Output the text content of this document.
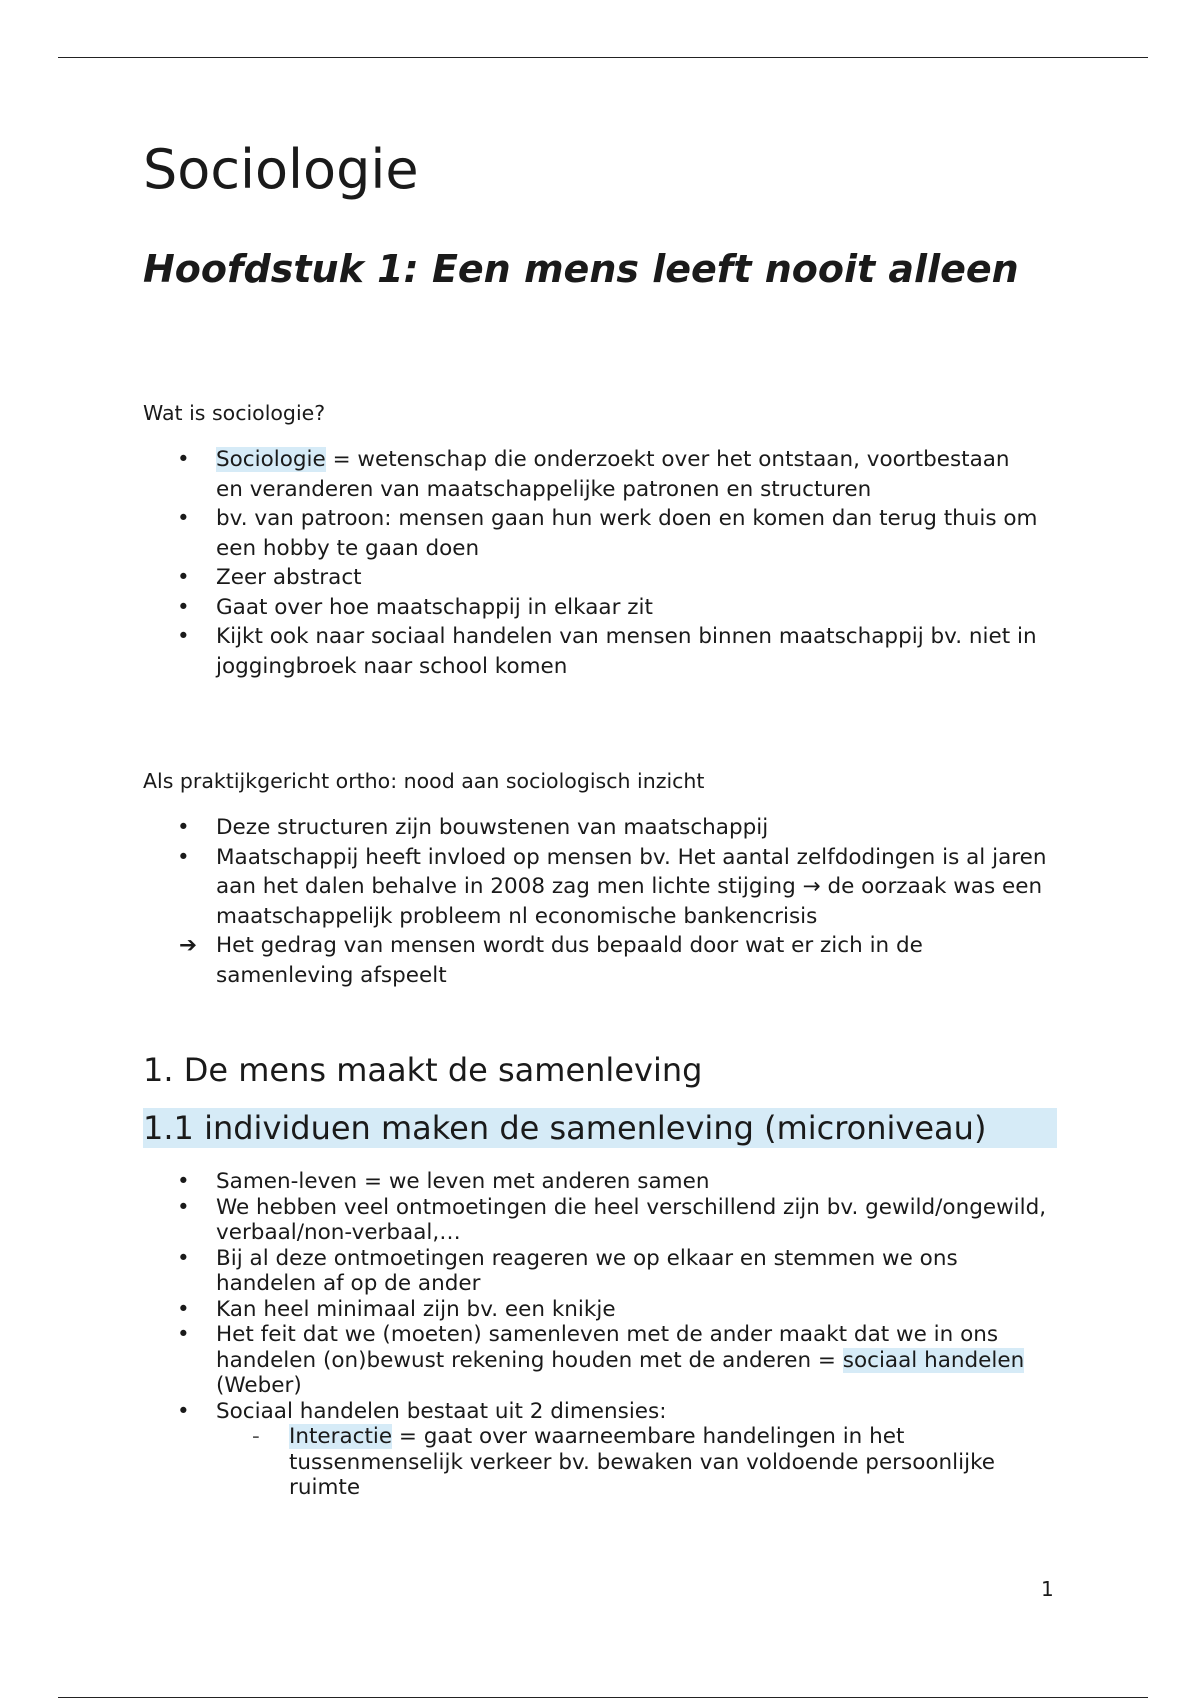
Sociologie
Hoofdstuk 1: Een mens leeft nooit alleen

Wat is sociologie?

• Sociologie = wetenschap die onderzoekt over het ontstaan, voortbestaan en veranderen van maatschappelijke patronen en structuren
• bv. van patroon: mensen gaan hun werk doen en komen dan terug thuis om een hobby te gaan doen
• Zeer abstract
• Gaat over hoe maatschappij in elkaar zit
• Kijkt ook naar sociaal handelen van mensen binnen maatschappij bv. niet in joggingbroek naar school komen

Als praktijkgericht ortho: nood aan sociologisch inzicht

• Deze structuren zijn bouwstenen van maatschappij
• Maatschappij heeft invloed op mensen bv. Het aantal zelfdodingen is al jaren aan het dalen behalve in 2008 zag men lichte stijging → de oorzaak was een maatschappelijk probleem nl economische bankencrisis
➔ Het gedrag van mensen wordt dus bepaald door wat er zich in de samenleving afspeelt
1. De mens maakt de samenleving
1.1 individuen maken de samenleving (microniveau)
• Samen-leven = we leven met anderen samen
• We hebben veel ontmoetingen die heel verschillend zijn bv. gewild/ongewild, verbaal/non-verbaal,…
• Bij al deze ontmoetingen reageren we op elkaar en stemmen we ons handelen af op de ander
• Kan heel minimaal zijn bv. een knikje
• Het feit dat we (moeten) samenleven met de ander maakt dat we in ons handelen (on)bewust rekening houden met de anderen = sociaal handelen (Weber)
• Sociaal handelen bestaat uit 2 dimensies:
- Interactie = gaat over waarneembare handelingen in het tussenmenselijk verkeer bv. bewaken van voldoende persoonlijke ruimte
1
